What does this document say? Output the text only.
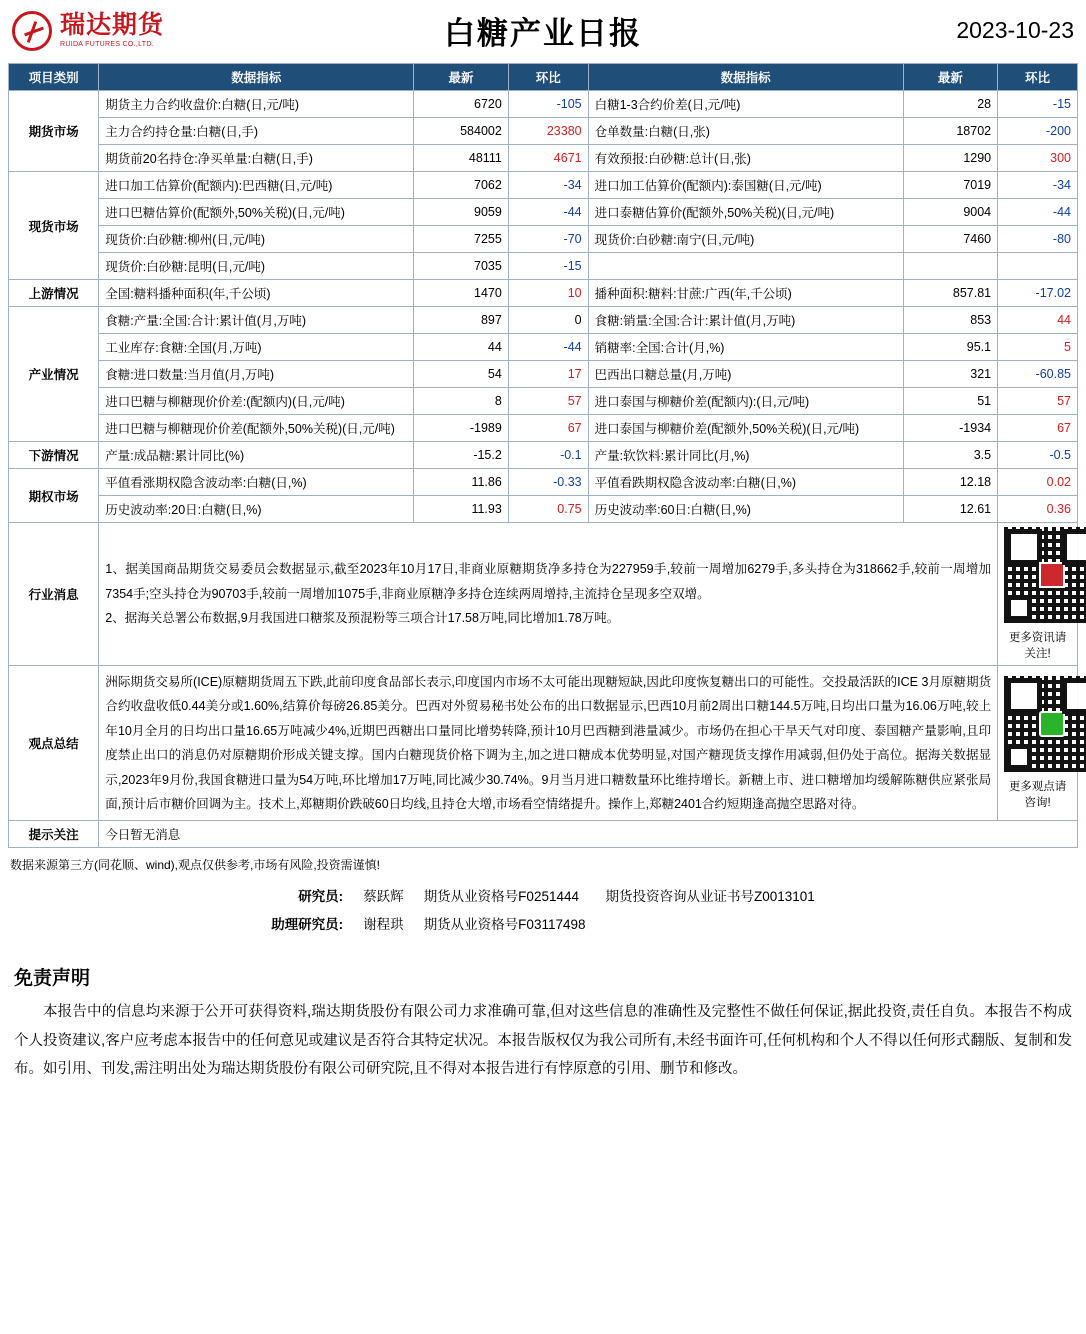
瑞达期货
RUIDA FUTURES CO.,LTD.	白糖产业日报	2023-10-23
项目类别	数据指标	最新	环比	数据指标	最新	环比
期货市场	期货主力合约收盘价:白糖(日,元/吨)	6720	-105	白糖1-3合约价差(日,元/吨)	28	-15
	主力合约持仓量:白糖(日,手)	584002	23380	仓单数量:白糖(日,张)	18702	-200
	期货前20名持仓:净买单量:白糖(日,手)	48111	4671	有效预报:白砂糖:总计(日,张)	1290	300
现货市场	进口加工估算价(配额内):巴西糖(日,元/吨)	7062	-34	进口加工估算价(配额内):泰国糖(日,元/吨)	7019	-34
	进口巴糖估算价(配额外,50%关税)(日,元/吨)	9059	-44	进口泰糖估算价(配额外,50%关税)(日,元/吨)	9004	-44
	现货价:白砂糖:柳州(日,元/吨)	7255	-70	现货价:白砂糖:南宁(日,元/吨)	7460	-80
	现货价:白砂糖:昆明(日,元/吨)	7035	-15			
上游情况	全国:糖料播种面积(年,千公顷)	1470	10	播种面积:糖料:甘蔗:广西(年,千公顷)	857.81	-17.02
产业情况	食糖:产量:全国:合计:累计值(月,万吨)	897	0	食糖:销量:全国:合计:累计值(月,万吨)	853	44
	工业库存:食糖:全国(月,万吨)	44	-44	销糖率:全国:合计(月,%)	95.1	5
	食糖:进口数量:当月值(月,万吨)	54	17	巴西出口糖总量(月,万吨)	321	-60.85
	进口巴糖与柳糖现价价差:(配额内)(日,元/吨)	8	57	进口泰国与柳糖价差(配额内):(日,元/吨)	51	57
	进口巴糖与柳糖现价价差(配额外,50%关税)(日,元/吨)	-1989	67	进口泰国与柳糖价差(配额外,50%关税)(日,元/吨)	-1934	67
下游情况	产量:成品糖:累计同比(%)	-15.2	-0.1	产量:软饮料:累计同比(月,%)	3.5	-0.5
期权市场	平值看涨期权隐含波动率:白糖(日,%)	11.86	-0.33	平值看跌期权隐含波动率:白糖(日,%)	12.18	0.02
	历史波动率:20日:白糖(日,%)	11.93	0.75	历史波动率:60日:白糖(日,%)	12.61	0.36
行业消息	1、据美国商品期货交易委员会数据显示,截至2023年10月17日,非商业原糖期货净多持仓为227959手,较前一周增加6279手,多头持仓为318662手,较前一周增加7354手;空头持仓为90703手,较前一周增加1075手,非商业原糖净多持仓连续两周增持,主流持仓呈现多空双增。

2、据海关总署公布数据,9月我国进口糖浆及预混粉等三项合计17.58万吨,同比增加1.78万吨。					更多资讯请关注!

观点总结	洲际期货交易所(ICE)原糖期货周五下跌,此前印度食品部长表示,印度国内市场不太可能出现糖短缺,因此印度恢复糖出口的可能性。交投最活跃的ICE 3月原糖期货合约收盘收低0.44美分或1.60%,结算价每磅26.85美分。巴西对外贸易秘书处公布的出口数据显示,巴西10月前2周出口糖144.5万吨,日均出口量为16.06万吨,较上年10月全月的日均出口量16.65万吨减少4%,近期巴西糖出口量同比增势转降,预计10月巴西糖到港量减少。市场仍在担心干旱天气对印度、泰国糖产量影响,且印度禁止出口的消息仍对原糖期价形成关键支撑。国内白糖现货价格下调为主,加之进口糖成本优势明显,对国产糖现货支撑作用减弱,但仍处于高位。据海关数据显示,2023年9月份,我国食糖进口量为54万吨,环比增加17万吨,同比减少30.74%。9月当月进口糖数量环比维持增长。新糖上市、进口糖增加均缓解陈糖供应紧张局面,预计后市糖价回调为主。技术上,郑糖期价跌破60日均线,且持仓大增,市场看空情绪提升。操作上,郑糖2401合约短期逢高抛空思路对待。					更多观点请咨询!

提示关注	今日暂无消息					
数据来源第三方(同花顺、wind),观点仅供参考,市场有风险,投资需谨慎!
研究员:	蔡跃辉	期货从业资格号F0251444	期货投资咨询从业证书号Z0013101
助理研究员:	谢程珙	期货从业资格号F03117498	
免责声明
本报告中的信息均来源于公开可获得资料,瑞达期货股份有限公司力求准确可靠,但对这些信息的准确性及完整性不做任何保证,据此投资,责任自负。本报告不构成个人投资建议,客户应考虑本报告中的任何意见或建议是否符合其特定状况。本报告版权仅为我公司所有,未经书面许可,任何机构和个人不得以任何形式翻版、复制和发布。如引用、刊发,需注明出处为瑞达期货股份有限公司研究院,且不得对本报告进行有悖原意的引用、删节和修改。
